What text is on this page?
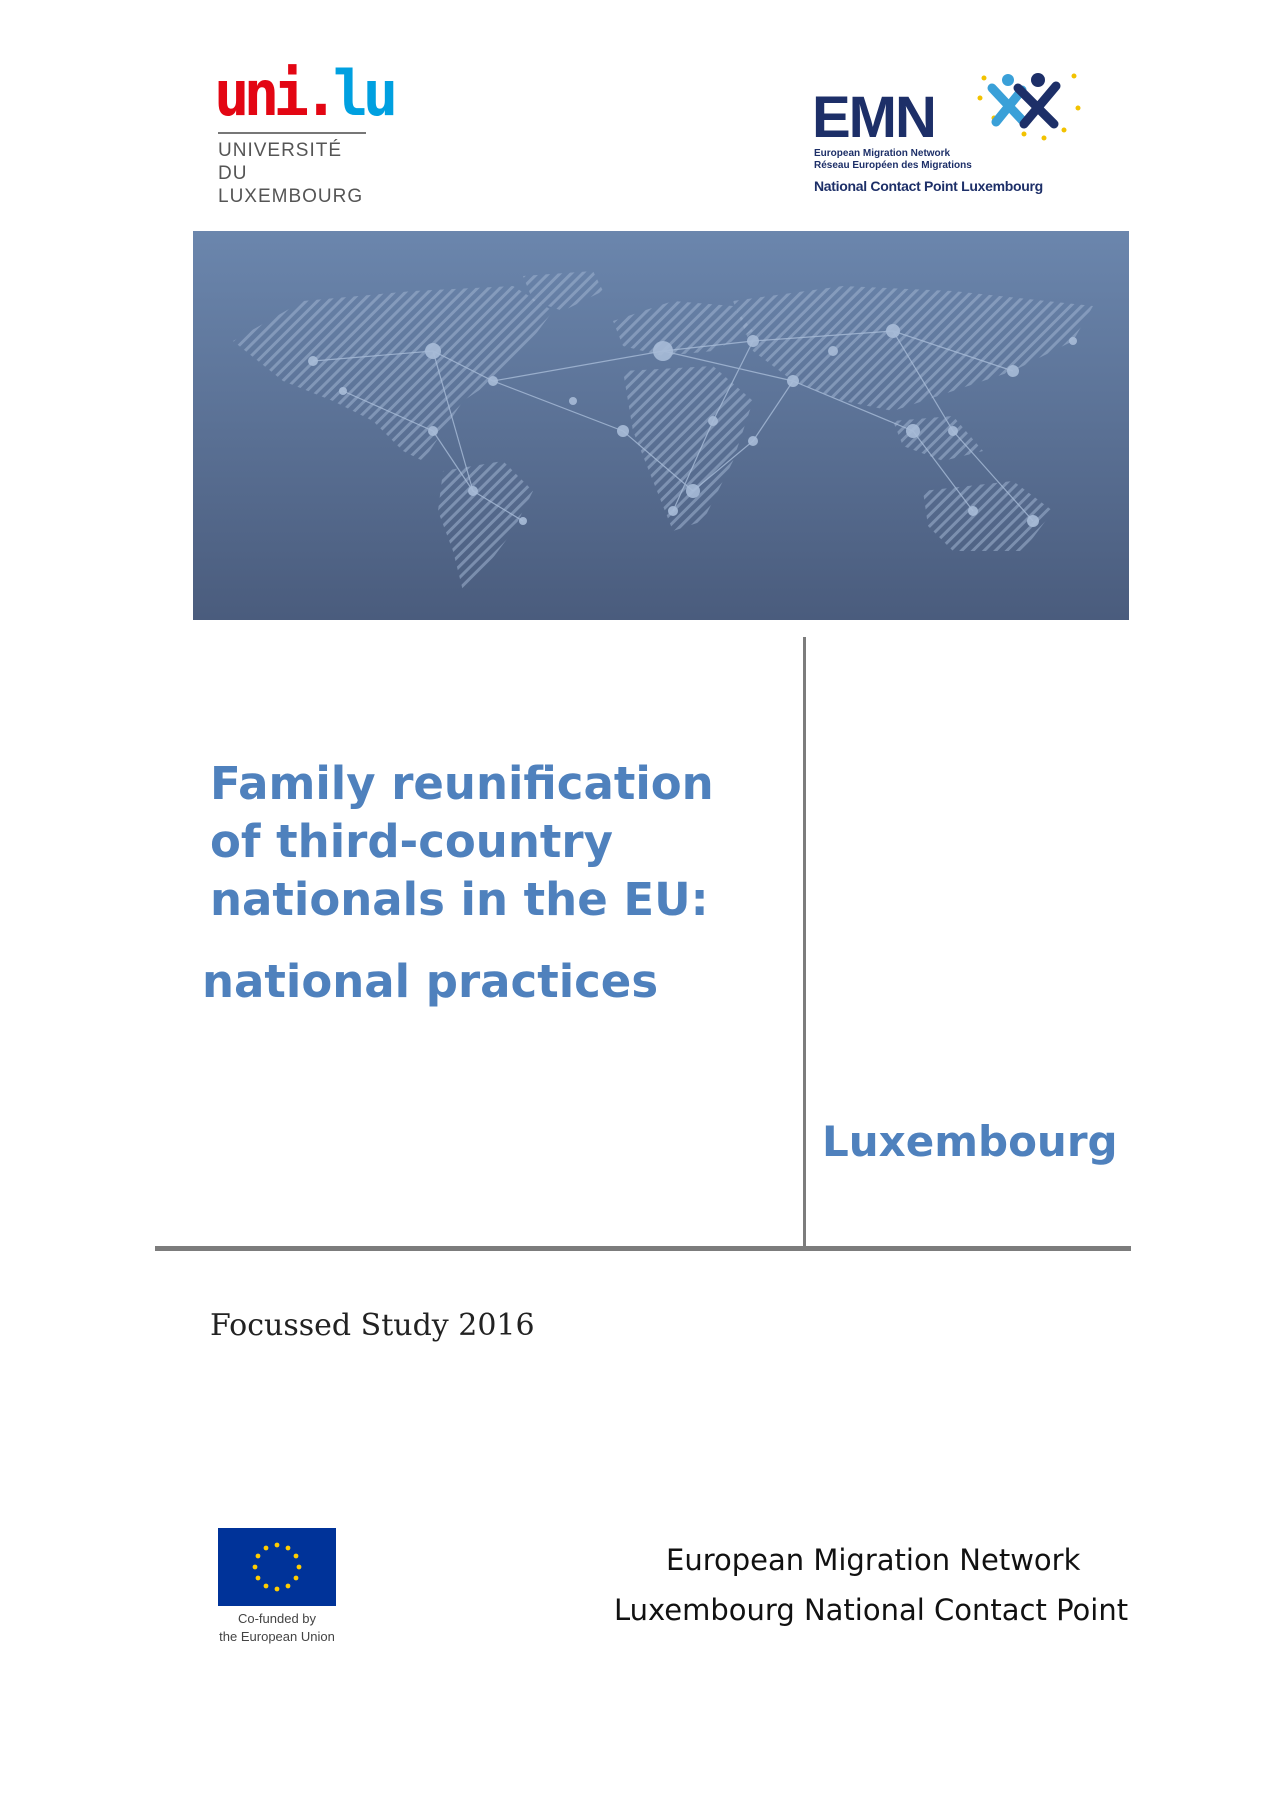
uni.lu
UNIVERSITÉ DU
LUXEMBOURG
EMN
European Migration Network
Réseau Européen des Migrations
National Contact Point Luxembourg
Family reunification
of third-country
nationals in the EU:
national practices
Luxembourg
Focussed Study 2016
Co-funded by
the European Union
European Migration Network
Luxembourg National Contact Point
